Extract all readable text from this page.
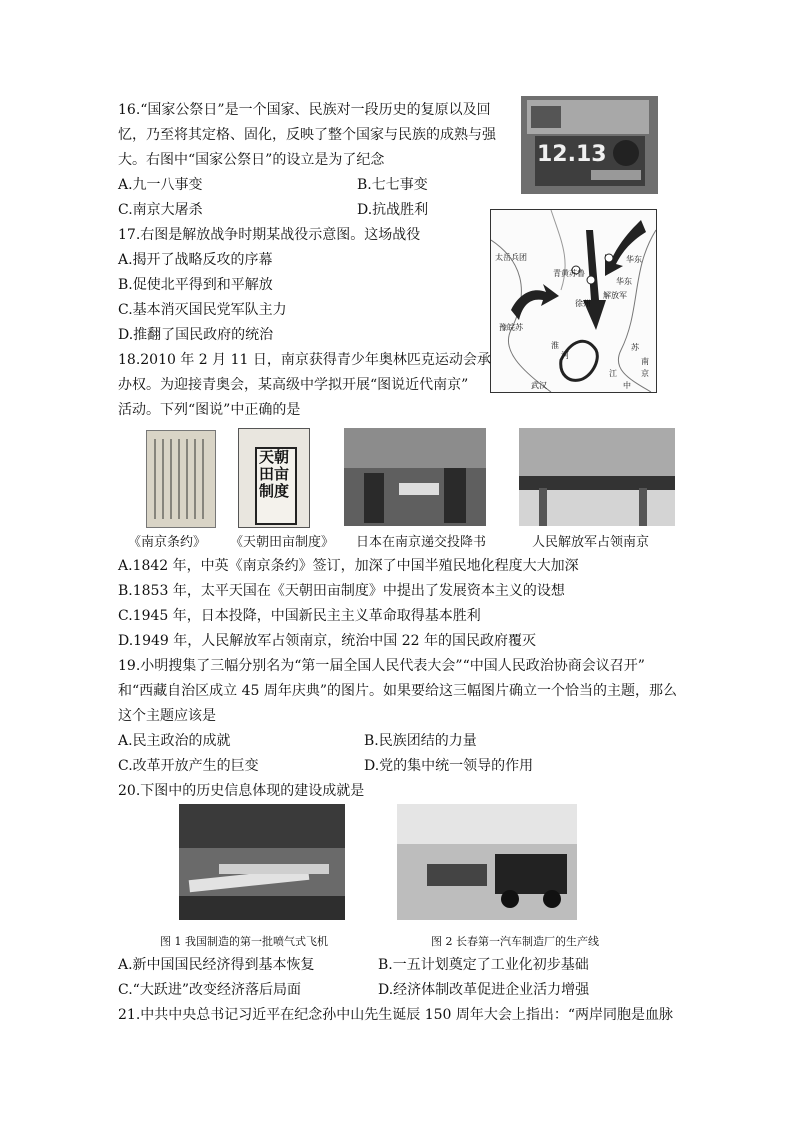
16.“国家公祭日”是一个国家、民族对一段历史的复原以及回
忆，乃至将其定格、固化，反映了整个国家与民族的成熟与强
大。右图中“国家公祭日”的设立是为了纪念
A.九一八事变	B.七七事变
C.南京大屠杀	D.抗战胜利
12.13
17.右图是解放战争时期某战役示意图。这场战役
A.揭开了战略反攻的序幕
B.促使北平得到和平解放
C.基本消灭国民党军队主力
D.推翻了国民政府的统治
青黄苏鲁
华东
太岳兵团	华东
徐州
豫皖苏
淮
河
武汉
江
苏
南
京
解放军
中
18.2010 年 2 月 11 日，南京获得青少年奥林匹克运动会承
办权。为迎接青奥会，某高级中学拟开展“图说近代南京”
活动。下列“图说”中正确的是
天朝田亩制度
《南京条约》 《天朝田亩制度》 日本在南京递交投降书	人民解放军占领南京
A.1842 年，中英《南京条约》签订，加深了中国半殖民地化程度大大加深
B.1853 年，太平天国在《天朝田亩制度》中提出了发展资本主义的设想
C.1945 年，日本投降，中国新民主主义革命取得基本胜利
D.1949 年，人民解放军占领南京，统治中国 22 年的国民政府覆灭
19.小明搜集了三幅分别名为“第一届全国人民代表大会”“中国人民政治协商会议召开”
和“西藏自治区成立 45 周年庆典”的图片。如果要给这三幅图片确立一个恰当的主题，那么
这个主题应该是
A.民主政治的成就	B.民族团结的力量
C.改革开放产生的巨变	D.党的集中统一领导的作用
20.下图中的历史信息体现的建设成就是
图 1 我国制造的第一批喷气式飞机	图 2 长春第一汽车制造厂的生产线
A.新中国国民经济得到基本恢复	B.一五计划奠定了工业化初步基础
C.“大跃进”改变经济落后局面	D.经济体制改革促进企业活力增强
21.中共中央总书记习近平在纪念孙中山先生诞辰 150 周年大会上指出：“两岸同胞是血脉
